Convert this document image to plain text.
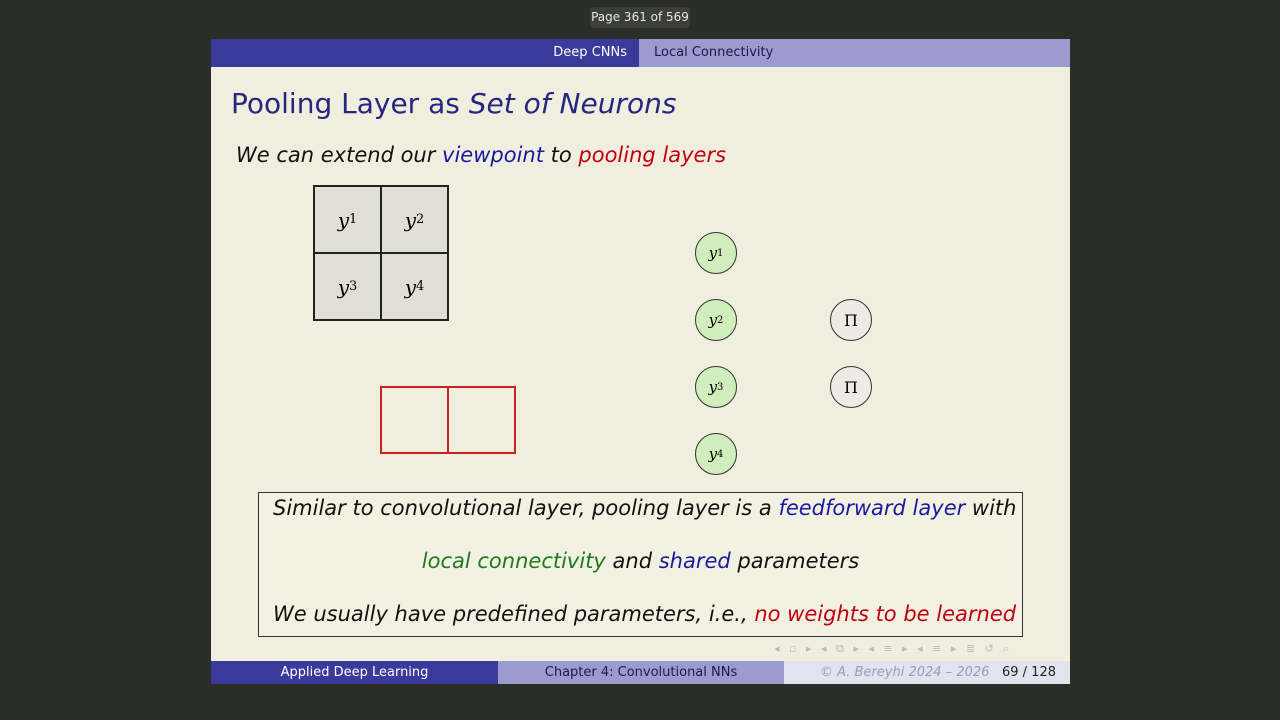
Page 361 of 569
Deep CNNs	Local Connectivity
Pooling Layer as Set of Neurons
We can extend our viewpoint to pooling layers
y 1 y 2
y 3 y 4
y 1
y 2
y 3
y 4
Π
Π
Similar to convolutional layer, pooling layer is a feedforward layer with
local connectivity and shared parameters
We usually have predefined parameters, i.e., no weights to be learned
◂ ▫ ▸ ◂ ⧉ ▸ ◂ ≡ ▸ ◂ ≡ ▸ ≣ ↺ ⌕
Applied Deep Learning	Chapter 4: Convolutional NNs	© A. Bereyhi 2024 – 2026 69 / 128
